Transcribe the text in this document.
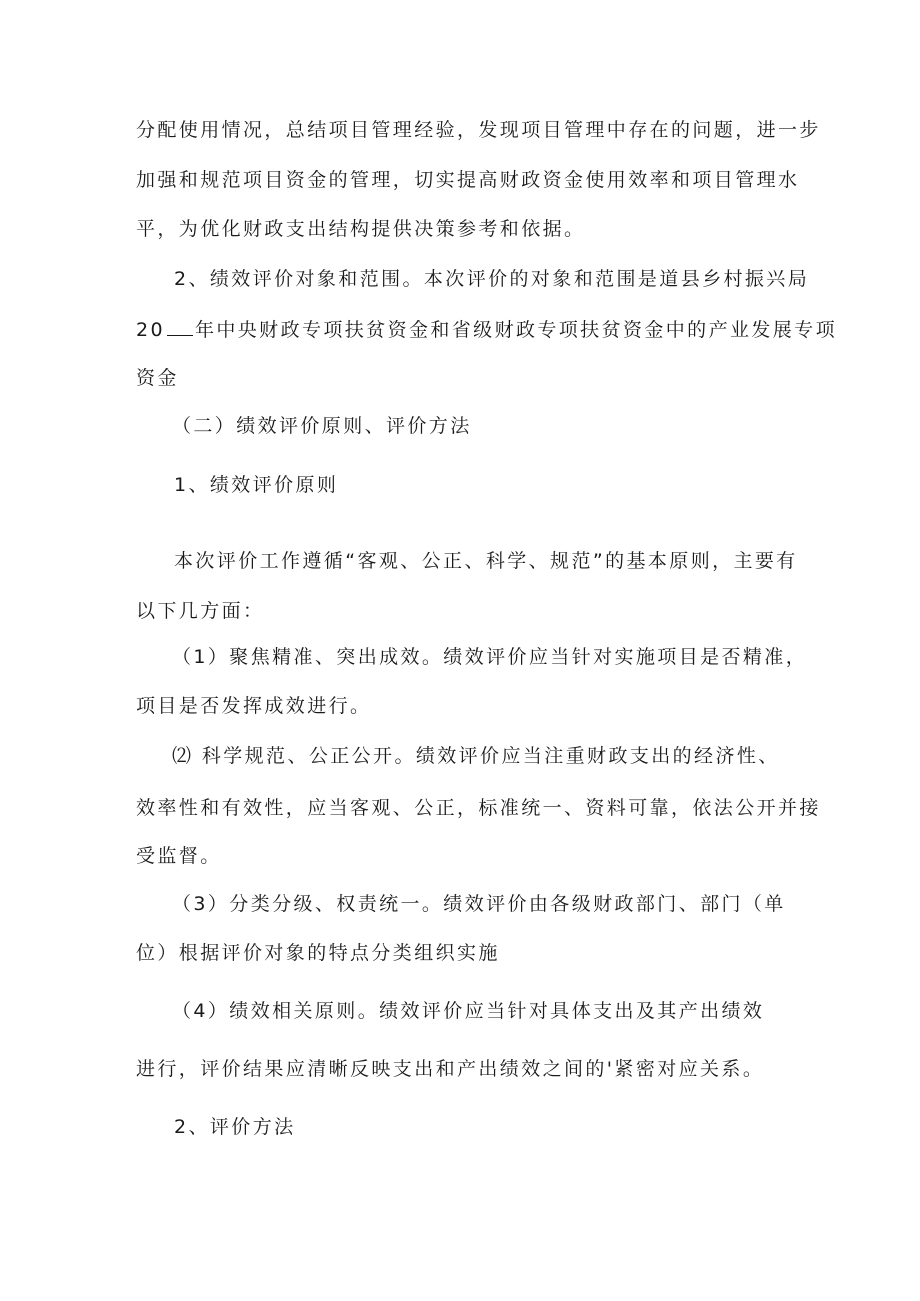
分配使用情况，总结项目管理经验，发现项目管理中存在的问题，进一步
加强和规范项目资金的管理，切实提高财政资金使用效率和项目管理水
平，为优化财政支出结构提供决策参考和依据。
2、绩效评价对象和范围。本次评价的对象和范围是道县乡村振兴局
20 年中央财政专项扶贫资金和省级财政专项扶贫资金中的产业发展专项
资金
（二）绩效评价原则、评价方法
1、绩效评价原则
本次评价工作遵循“客观、公正、科学、规范”的基本原则，主要有
以下几方面：
（1）聚焦精准、突出成效。绩效评价应当针对实施项目是否精准，
项目是否发挥成效进行。
⑵ 科学规范、公正公开。绩效评价应当注重财政支出的经济性、
效率性和有效性，应当客观、公正，标准统一、资料可靠，依法公开并接
受监督。
（3）分类分级、权责统一。绩效评价由各级财政部门、部门（单
位）根据评价对象的特点分类组织实施
（4）绩效相关原则。绩效评价应当针对具体支出及其产出绩效
进行，评价结果应清晰反映支出和产出绩效之间的'紧密对应关系。
2、评价方法
